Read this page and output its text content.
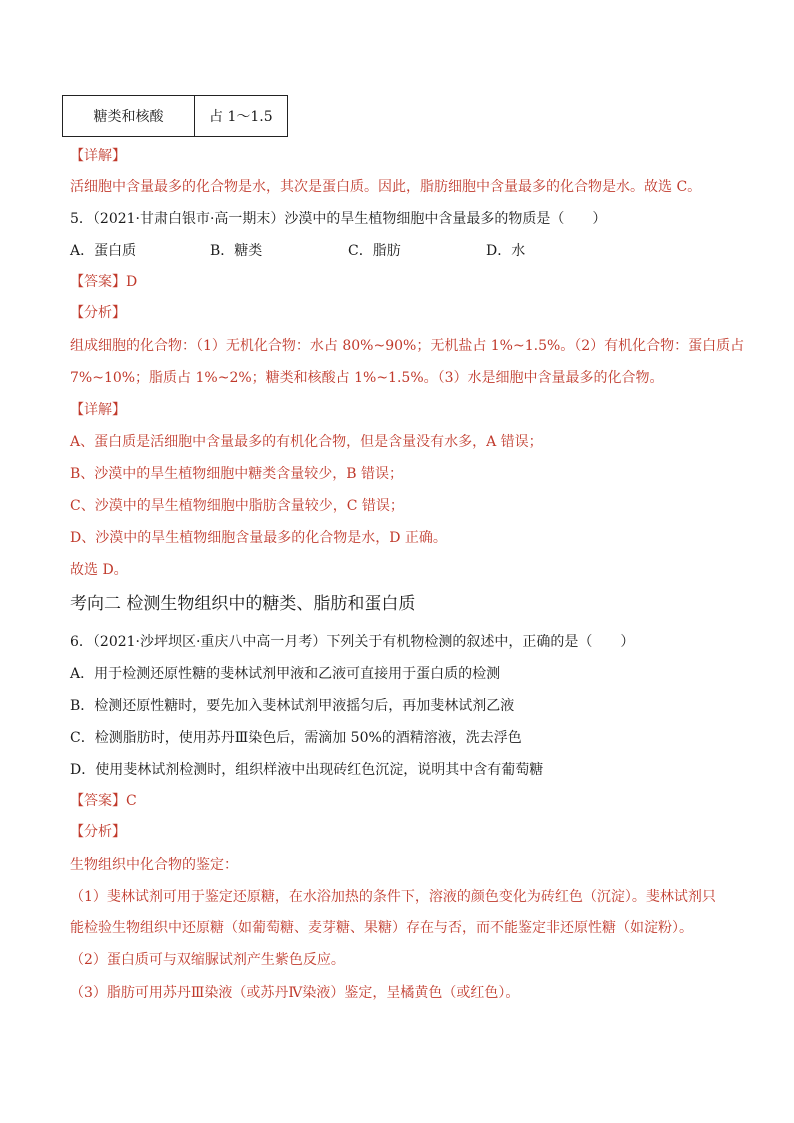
糖类和核酸	占 1～1.5
【详解】
活细胞中含量最多的化合物是水，其次是蛋白质。因此，脂肪细胞中含量最多的化合物是水。故选 C。
5．（2021·甘肃白银市·高一期末）沙漠中的旱生植物细胞中含量最多的物质是（　　）
A．蛋白质	B．糖类	C．脂肪	D．水
【答案】D
【分析】
组成细胞的化合物：（1）无机化合物：水占 80%~90%；无机盐占 1%~1.5%。（2）有机化合物：蛋白质占
7%~10%；脂质占 1%~2%；糖类和核酸占 1%~1.5%。（3）水是细胞中含量最多的化合物。
【详解】
A、蛋白质是活细胞中含量最多的有机化合物，但是含量没有水多，A 错误；
B、沙漠中的旱生植物细胞中糖类含量较少，B 错误；
C、沙漠中的旱生植物细胞中脂肪含量较少，C 错误；
D、沙漠中的旱生植物细胞含量最多的化合物是水，D 正确。
故选 D。
考向二 检测生物组织中的糖类、脂肪和蛋白质
6．（2021·沙坪坝区·重庆八中高一月考）下列关于有机物检测的叙述中，正确的是（　　）
A．用于检测还原性糖的斐林试剂甲液和乙液可直接用于蛋白质的检测
B．检测还原性糖时，要先加入斐林试剂甲液摇匀后，再加斐林试剂乙液
C．检测脂肪时，使用苏丹Ⅲ染色后，需滴加 50%的酒精溶液，洗去浮色
D．使用斐林试剂检测时，组织样液中出现砖红色沉淀，说明其中含有葡萄糖
【答案】C
【分析】
生物组织中化合物的鉴定：
（1）斐林试剂可用于鉴定还原糖，在水浴加热的条件下，溶液的颜色变化为砖红色（沉淀）。斐林试剂只
能检验生物组织中还原糖（如葡萄糖、麦芽糖、果糖）存在与否，而不能鉴定非还原性糖（如淀粉）。
（2）蛋白质可与双缩脲试剂产生紫色反应。
（3）脂肪可用苏丹Ⅲ染液（或苏丹Ⅳ染液）鉴定，呈橘黄色（或红色）。
